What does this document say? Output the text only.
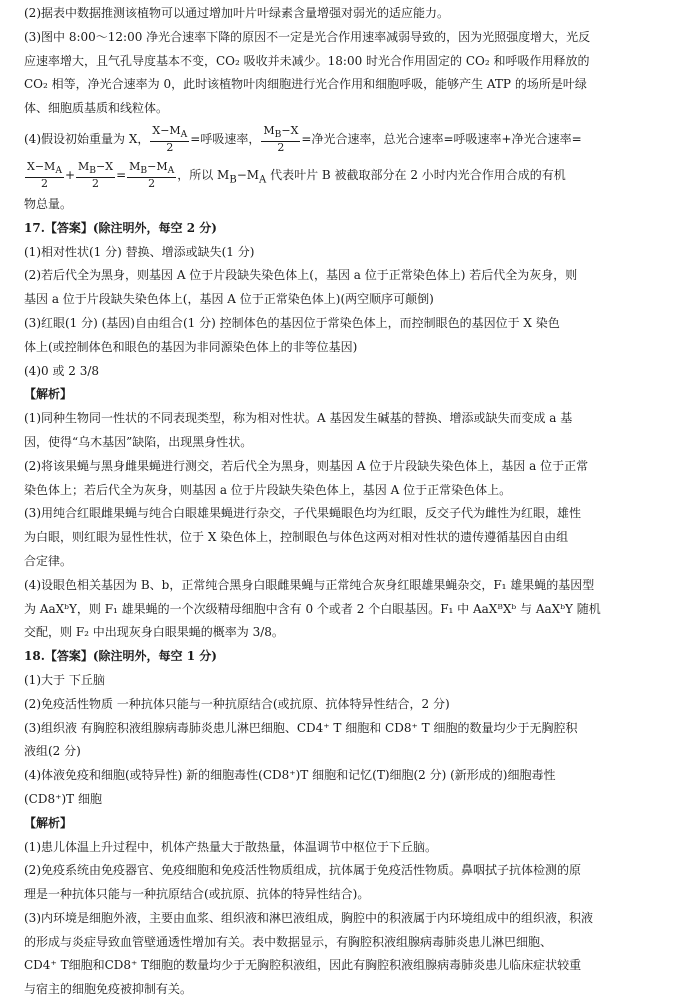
(2)据表中数据推测该植物可以通过增加叶片叶绿素含量增强对弱光的适应能力。
(3)图中 8:00～12:00 净光合速率下降的原因不一定是光合作用速率减弱导致的，因为光照强度增大，光反
应速率增大，且气孔导度基本不变，CO₂ 吸收并未减少。18:00 时光合作用固定的 CO₂ 和呼吸作用释放的
CO₂ 相等，净光合速率为 0，此时该植物叶肉细胞进行光合作用和细胞呼吸，能够产生 ATP 的场所是叶绿
体、细胞质基质和线粒体。
(4)假设初始重量为 X， $\frac{X-M_A}{2}$ =呼吸速率， $\frac{M_B-X}{2}$ =净光合速率，总光合速率=呼吸速率+净光合速率=
$\frac{X-M_A}{2} + \frac{M_B-X}{2} = \frac{M_B-M_A}{2}$ ，所以 $M_B-M_A$ 代表叶片 B 被截取部分在 2 小时内光合作用合成的有机
物总量。
17.【答案】(除注明外，每空 2 分)
(1)相对性状(1 分) 替换、增添或缺失(1 分)
(2)若后代全为黑身，则基因 A 位于片段缺失染色体上(，基因 a 位于正常染色体上) 若后代全为灰身，则
基因 a 位于片段缺失染色体上(，基因 A 位于正常染色体上)(两空顺序可颠倒)
(3)红眼(1 分) (基因)自由组合(1 分) 控制体色的基因位于常染色体上，而控制眼色的基因位于 X 染色
体上(或控制体色和眼色的基因为非同源染色体上的非等位基因)
(4)0 或 2 3/8
【解析】
(1)同种生物同一性状的不同表现类型，称为相对性状。A 基因发生碱基的替换、增添或缺失而变成 a 基
因，使得“乌木基因”缺陷，出现黑身性状。
(2)将该果蝇与黑身雌果蝇进行测交，若后代全为黑身，则基因 A 位于片段缺失染色体上，基因 a 位于正常
染色体上；若后代全为灰身，则基因 a 位于片段缺失染色体上，基因 A 位于正常染色体上。
(3)用纯合红眼雌果蝇与纯合白眼雄果蝇进行杂交，子代果蝇眼色均为红眼，反交子代为雌性为红眼，雄性
为白眼，则红眼为显性性状，位于 X 染色体上，控制眼色与体色这两对相对性状的遗传遵循基因自由组
合定律。
(4)设眼色相关基因为 B、b，正常纯合黑身白眼雌果蝇与正常纯合灰身红眼雄果蝇杂交，F₁ 雄果蝇的基因型
为 AaXᵇY，则 F₁ 雄果蝇的一个次级精母细胞中含有 0 个或者 2 个白眼基因。F₁ 中 AaXᴮXᵇ 与 AaXᵇY 随机
交配，则 F₂ 中出现灰身白眼果蝇的概率为 3/8。
18.【答案】(除注明外，每空 1 分)
(1)大于 下丘脑
(2)免疫活性物质 一种抗体只能与一种抗原结合(或抗原、抗体特异性结合，2 分)
(3)组织液 有胸腔积液组腺病毒肺炎患儿淋巴细胞、CD4⁺ T 细胞和 CD8⁺ T 细胞的数量均少于无胸腔积
液组(2 分)
(4)体液免疫和细胞(或特异性) 新的细胞毒性(CD8⁺)T 细胞和记忆(T)细胞(2 分) (新形成的)细胞毒性
(CD8⁺)T 细胞
【解析】
(1)患儿体温上升过程中，机体产热量大于散热量，体温调节中枢位于下丘脑。
(2)免疫系统由免疫器官、免疫细胞和免疫活性物质组成，抗体属于免疫活性物质。鼻咽拭子抗体检测的原
理是一种抗体只能与一种抗原结合(或抗原、抗体的特异性结合)。
(3)内环境是细胞外液，主要由血浆、组织液和淋巴液组成，胸腔中的积液属于内环境组成中的组织液，积液
的形成与炎症导致血管壁通透性增加有关。表中数据显示，有胸腔积液组腺病毒肺炎患儿淋巴细胞、
CD4⁺ T细胞和CD8⁺ T细胞的数量均少于无胸腔积液组，因此有胸腔积液组腺病毒肺炎患儿临床症状较重
与宿主的细胞免疫被抑制有关。
